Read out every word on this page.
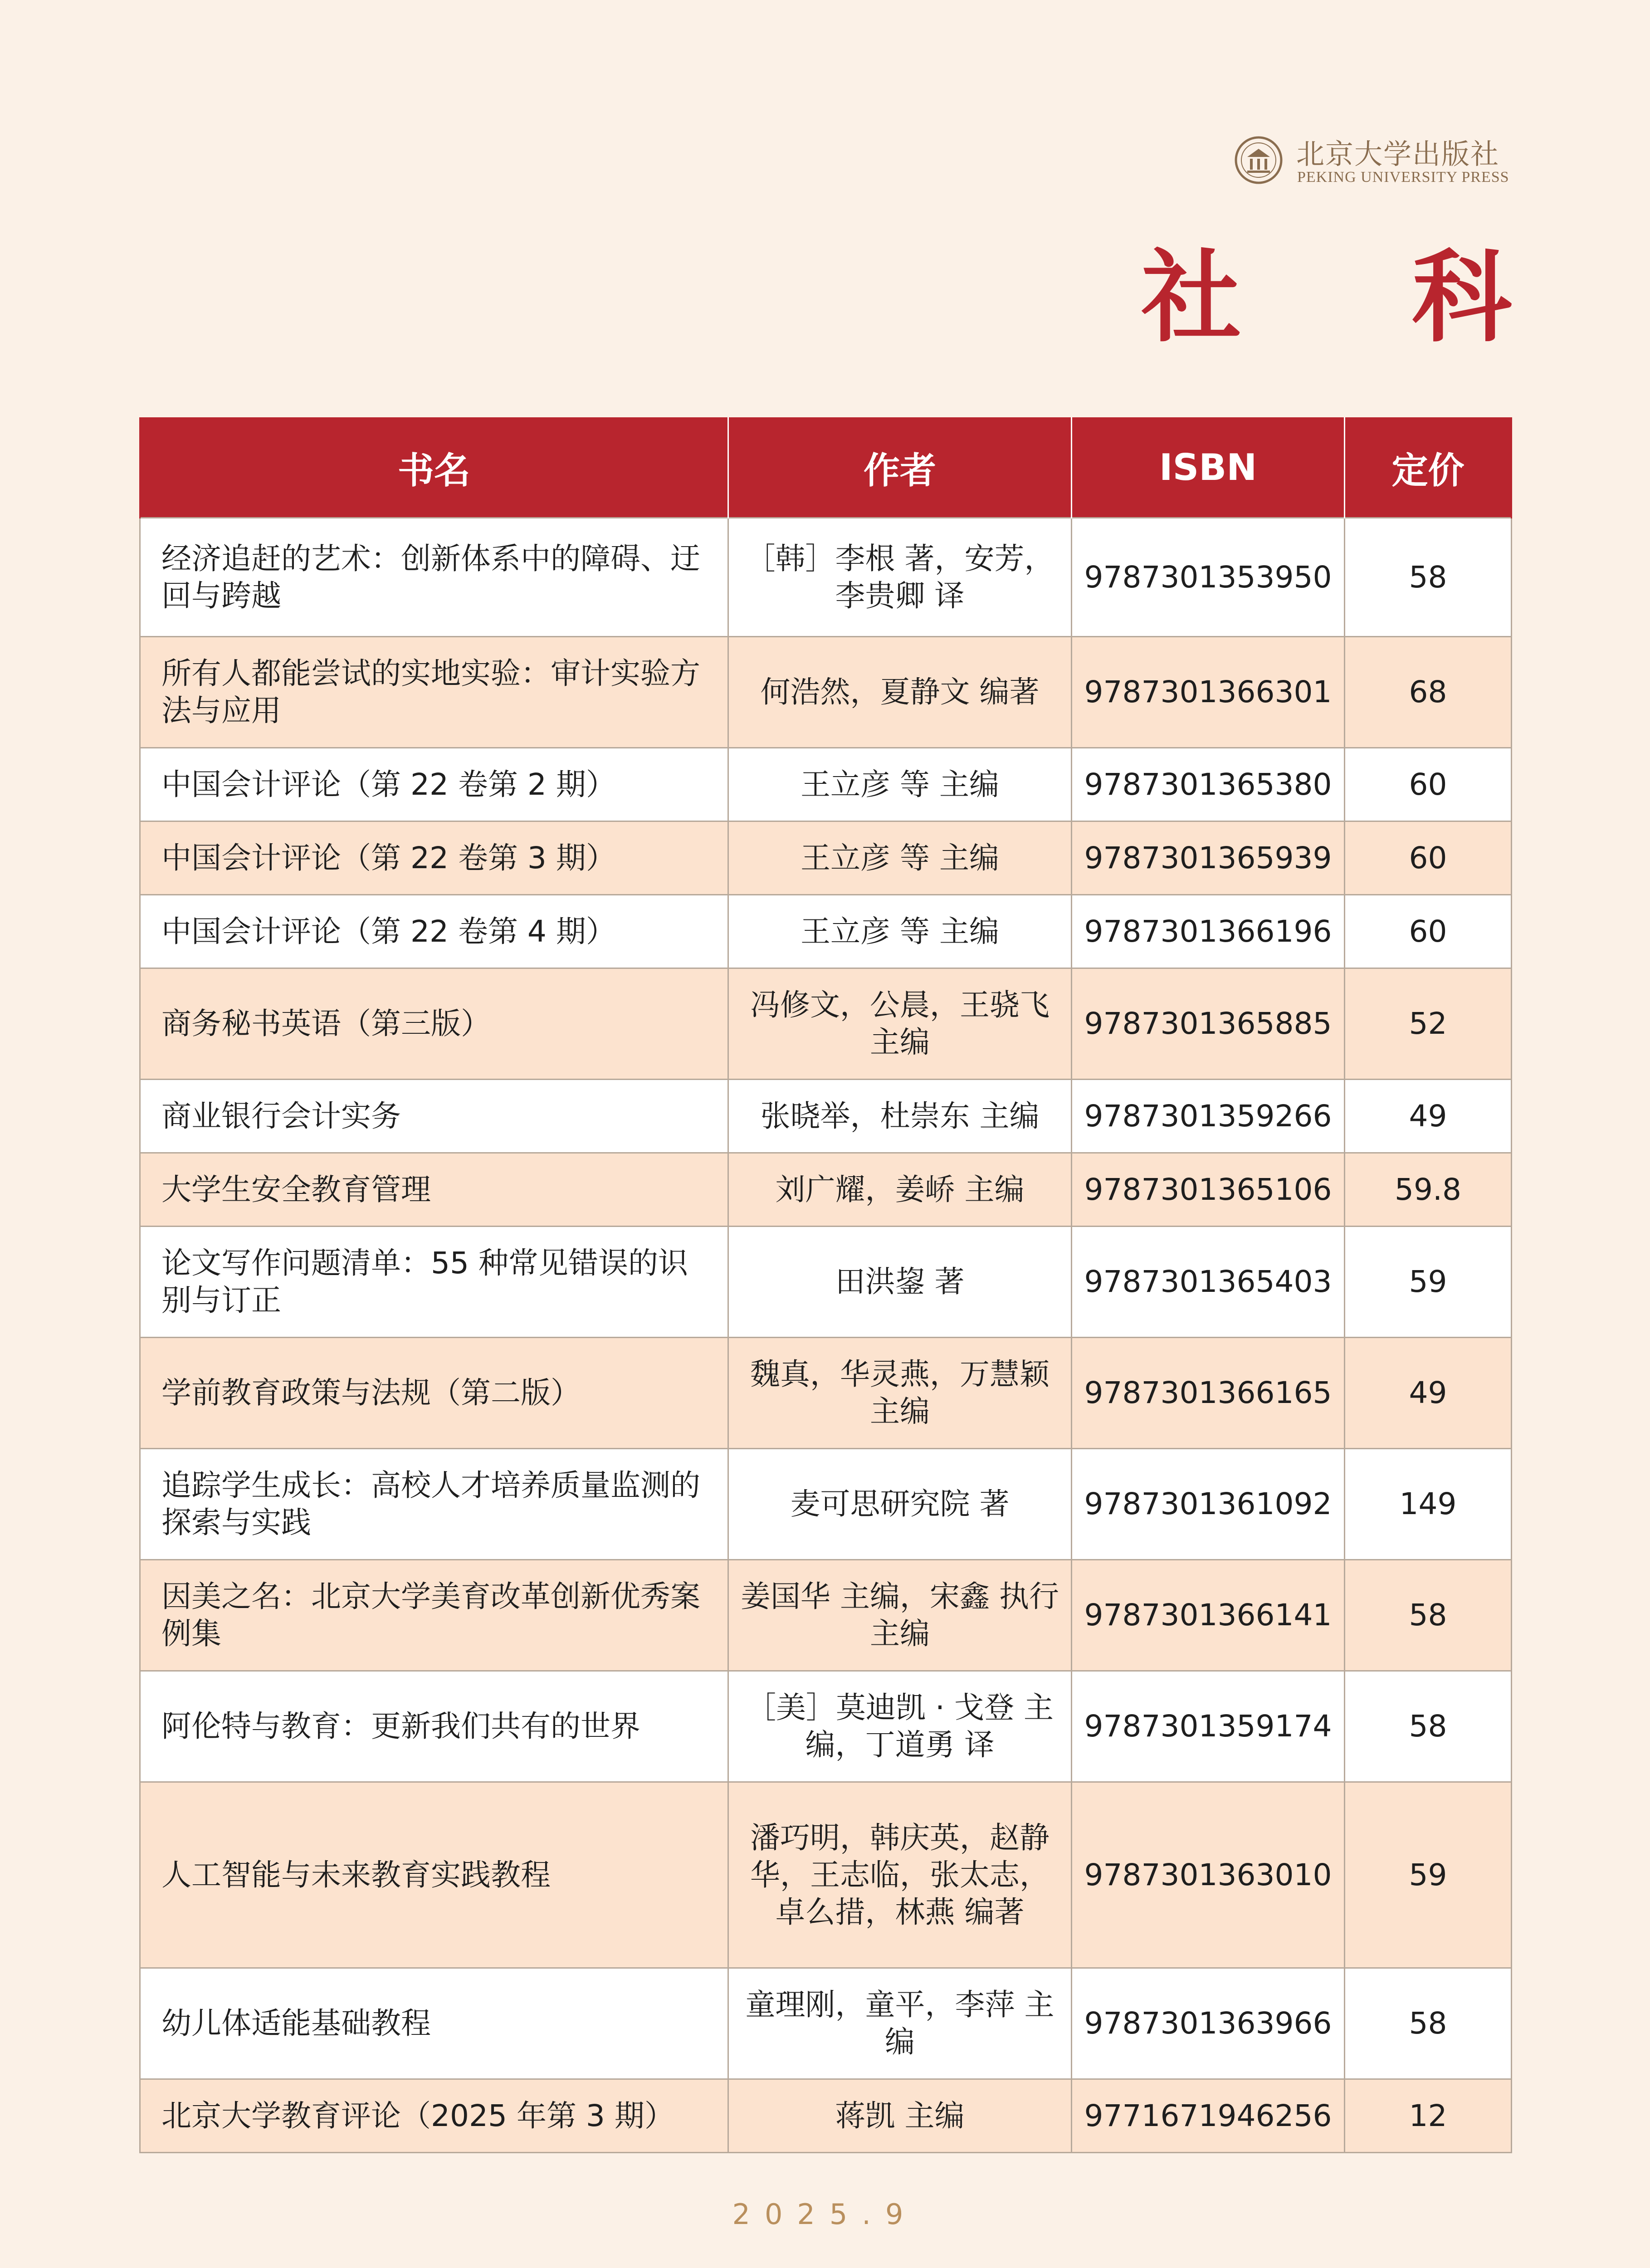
北京大学出版社
PEKING UNIVERSITY PRESS
社 科
书名	作者	ISBN	定价
经济追赶的艺术：创新体系中的障碍、迂回与跨越	［韩］李根 著，安芳，李贵卿 译	9787301353950	58
所有人都能尝试的实地实验：审计实验方法与应用	何浩然，夏静文 编著	9787301366301	68
中国会计评论（第 22 卷第 2 期）	王立彦 等 主编	9787301365380	60
中国会计评论（第 22 卷第 3 期）	王立彦 等 主编	9787301365939	60
中国会计评论（第 22 卷第 4 期）	王立彦 等 主编	9787301366196	60
商务秘书英语（第三版）	冯修文，公晨，王骁飞 主编	9787301365885	52
商业银行会计实务	张晓举，杜崇东 主编	9787301359266	49
大学生安全教育管理	刘广耀，姜峤 主编	9787301365106	59.8
论文写作问题清单：55 种常见错误的识别与订正	田洪鋆 著	9787301365403	59
学前教育政策与法规（第二版）	魏真，华灵燕，万慧颖 主编	9787301366165	49
追踪学生成长：高校人才培养质量监测的探索与实践	麦可思研究院 著	9787301361092	149
因美之名：北京大学美育改革创新优秀案例集	姜国华 主编，宋鑫 执行主编	9787301366141	58
阿伦特与教育：更新我们共有的世界	［美］莫迪凯 · 戈登 主编，丁道勇 译	9787301359174	58
人工智能与未来教育实践教程	潘巧明，韩庆英，赵静华，王志临，张太志，卓么措，林燕 编著	9787301363010	59
幼儿体适能基础教程	童理刚，童平，李萍 主编	9787301363966	58
北京大学教育评论（2025 年第 3 期）	蒋凯 主编	9771671946256	12
2025.9
